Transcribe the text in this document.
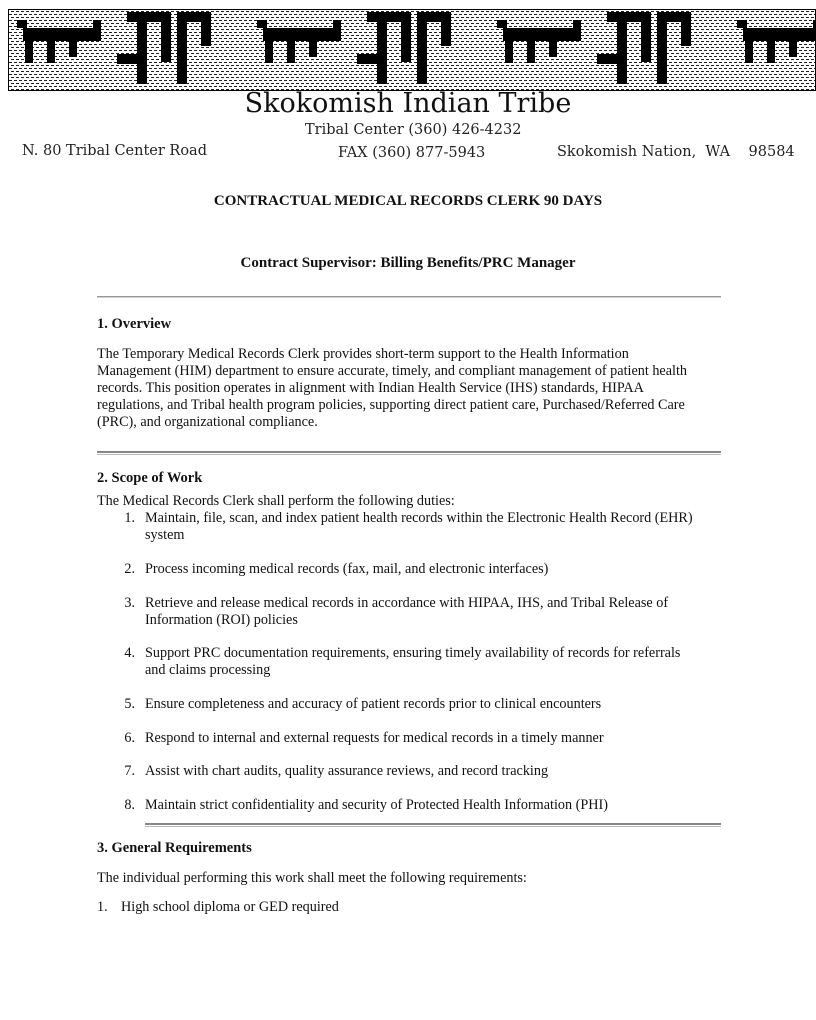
Skokomish Indian Tribe
Tribal Center (360) 426-4232
N. 80 Tribal Center Road	FAX (360) 877-5943	Skokomish Nation,  WA    98584
CONTRACTUAL MEDICAL RECORDS CLERK 90 DAYS
Contract Supervisor: Billing Benefits/PRC Manager
1. Overview
The Temporary Medical Records Clerk provides short-term support to the Health Information
Management (HIM) department to ensure accurate, timely, and compliant management of patient health
records. This position operates in alignment with Indian Health Service (IHS) standards, HIPAA
regulations, and Tribal health program policies, supporting direct patient care, Purchased/Referred Care
(PRC), and organizational compliance.
2. Scope of Work
The Medical Records Clerk shall perform the following duties:
1. Maintain, file, scan, and index patient health records within the Electronic Health Record (EHR)
system
2. Process incoming medical records (fax, mail, and electronic interfaces)
3. Retrieve and release medical records in accordance with HIPAA, IHS, and Tribal Release of
Information (ROI) policies
4. Support PRC documentation requirements, ensuring timely availability of records for referrals
and claims processing
5. Ensure completeness and accuracy of patient records prior to clinical encounters
6. Respond to internal and external requests for medical records in a timely manner
7. Assist with chart audits, quality assurance reviews, and record tracking
8. Maintain strict confidentiality and security of Protected Health Information (PHI)
3. General Requirements
The individual performing this work shall meet the following requirements:
1. High school diploma or GED required
